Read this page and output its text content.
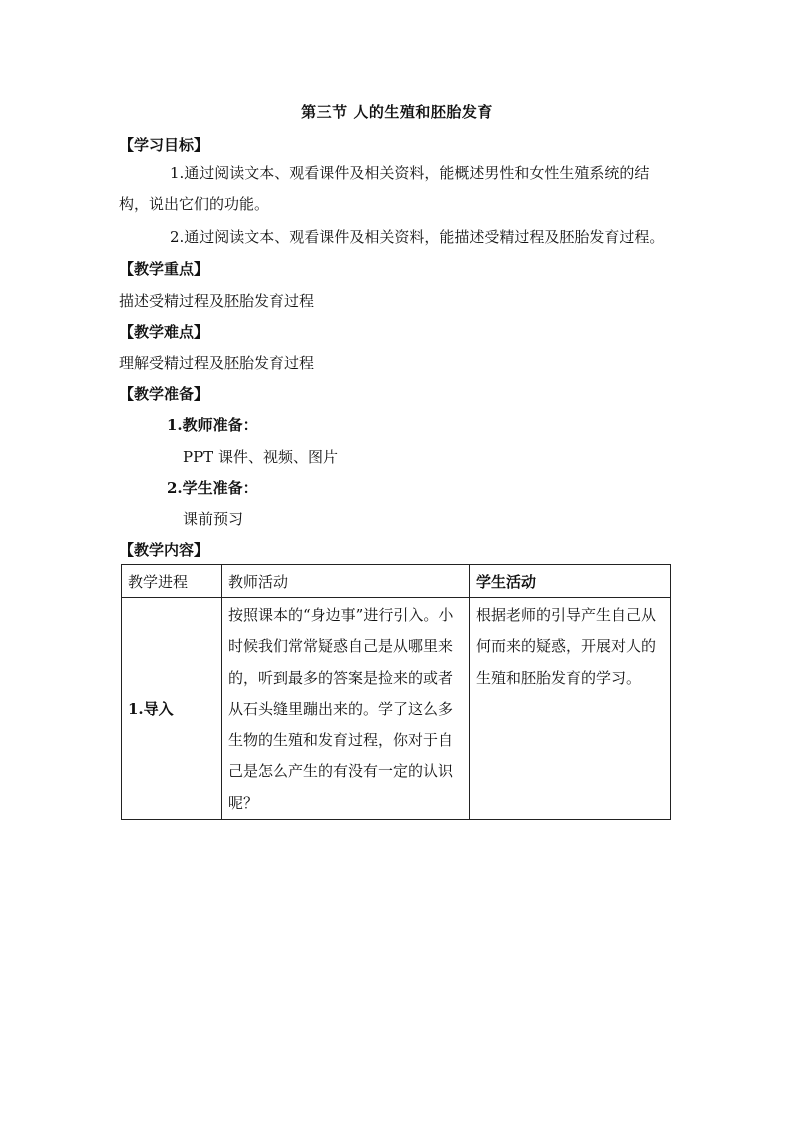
第三节 人的生殖和胚胎发育
【学习目标】
1.通过阅读文本、观看课件及相关资料，能概述男性和女性生殖系统的结构，说出它们的功能。
2.通过阅读文本、观看课件及相关资料，能描述受精过程及胚胎发育过程。
【教学重点】
描述受精过程及胚胎发育过程
【教学难点】
理解受精过程及胚胎发育过程
【教学准备】
1.教师准备：
PPT 课件、视频、图片
2.学生准备：
课前预习
【教学内容】
教学进程	教师活动	学生活动
1.导入	按照课本的“身边事”进行引入。小时候我们常常疑惑自己是从哪里来的，听到最多的答案是捡来的或者从石头缝里蹦出来的。学了这么多生物的生殖和发育过程，你对于自己是怎么产生的有没有一定的认识呢？	根据老师的引导产生自己从何而来的疑惑，开展对人的生殖和胚胎发育的学习。
